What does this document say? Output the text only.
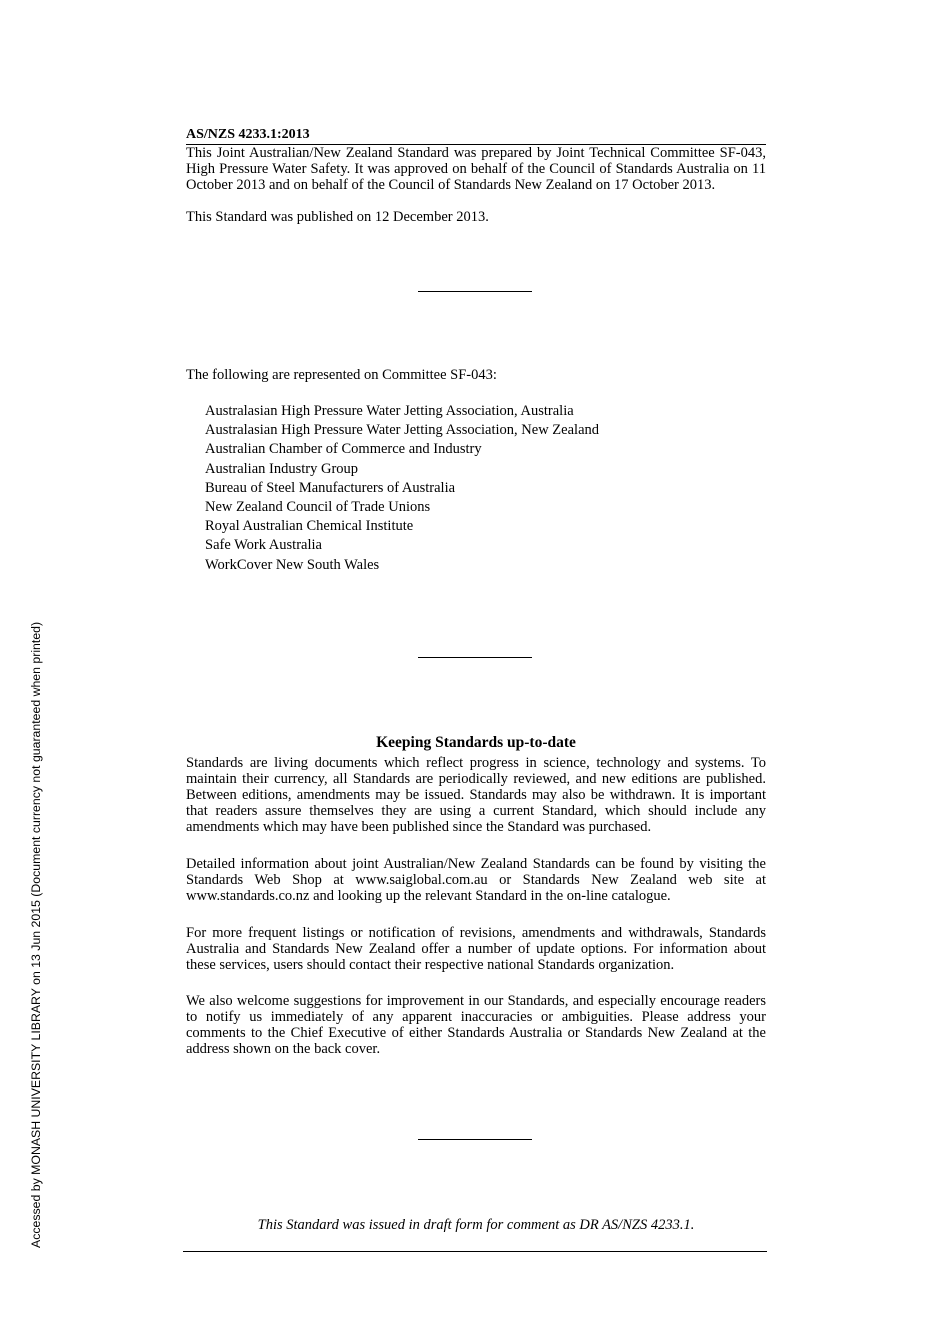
AS/NZS 4233.1:2013
This Joint Australian/New Zealand Standard was prepared by Joint Technical Committee SF-043, High Pressure Water Safety. It was approved on behalf of the Council of Standards Australia on 11 October 2013 and on behalf of the Council of Standards New Zealand on 17 October 2013.
This Standard was published on 12 December 2013.
The following are represented on Committee SF-043:
Australasian High Pressure Water Jetting Association, Australia
Australasian High Pressure Water Jetting Association, New Zealand
Australian Chamber of Commerce and Industry
Australian Industry Group
Bureau of Steel Manufacturers of Australia
New Zealand Council of Trade Unions
Royal Australian Chemical Institute
Safe Work Australia
WorkCover New South Wales
Keeping Standards up-to-date

Standards are living documents which reflect progress in science, technology and systems. To maintain their currency, all Standards are periodically reviewed, and new editions are published. Between editions, amendments may be issued. Standards may also be withdrawn. It is important that readers assure themselves they are using a current Standard, which should include any amendments which may have been published since the Standard was purchased.

Detailed information about joint Australian/New Zealand Standards can be found by visiting the Standards Web Shop at www.saiglobal.com.au or Standards New Zealand web site at www.standards.co.nz and looking up the relevant Standard in the on-line catalogue.

For more frequent listings or notification of revisions, amendments and withdrawals, Standards Australia and Standards New Zealand offer a number of update options. For information about these services, users should contact their respective national Standards organization.

We also welcome suggestions for improvement in our Standards, and especially encourage readers to notify us immediately of any apparent inaccuracies or ambiguities. Please address your comments to the Chief Executive of either Standards Australia or Standards New Zealand at the address shown on the back cover.

This Standard was issued in draft form for comment as DR AS/NZS 4233.1.
Accessed by MONASH UNIVERSITY LIBRARY on 13 Jun 2015 (Document currency not guaranteed when printed)
